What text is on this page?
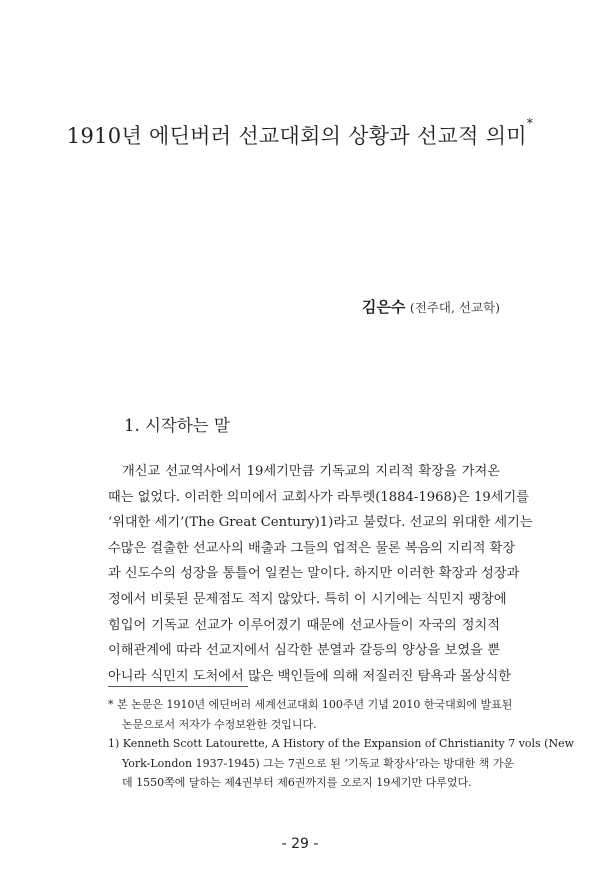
1910년 에딘버러 선교대회의 상황과 선교적 의미*
김은수 (전주대, 선교학)
1. 시작하는 말

개신교 선교역사에서 19세기만큼 기독교의 지리적 확장을 가져온
때는 없었다. 이러한 의미에서 교회사가 라투렛(1884-1968)은 19세기를
‘위대한 세기’(The Great Century)1)라고 불렀다. 선교의 위대한 세기는
수많은 걸출한 선교사의 배출과 그들의 업적은 물론 복음의 지리적 확장
과 신도수의 성장을 통틀어 일컫는 말이다. 하지만 이러한 확장과 성장과
정에서 비롯된 문제점도 적지 않았다. 특히 이 시기에는 식민지 팽창에
힘입어 기독교 선교가 이루어졌기 때문에 선교사들이 자국의 정치적
이해관계에 따라 선교지에서 심각한 분열과 갈등의 양상을 보였을 뿐
아니라 식민지 도처에서 많은 백인들에 의해 저질러진 탐욕과 몰상식한

* 본 논문은 1910년 에딘버러 세계선교대회 100주년 기념 2010 한국대회에 발표된
논문으로서 저자가 수정보완한 것입니다.
1) Kenneth Scott Latourette, A History of the Expansion of Christianity 7 vols (New
York-London 1937-1945) 그는 7권으로 된 ‘기독교 확장사’라는 방대한 책 가운
데 1550쪽에 달하는 제4권부터 제6권까지를 오로지 19세기만 다루었다.
- 29 -
